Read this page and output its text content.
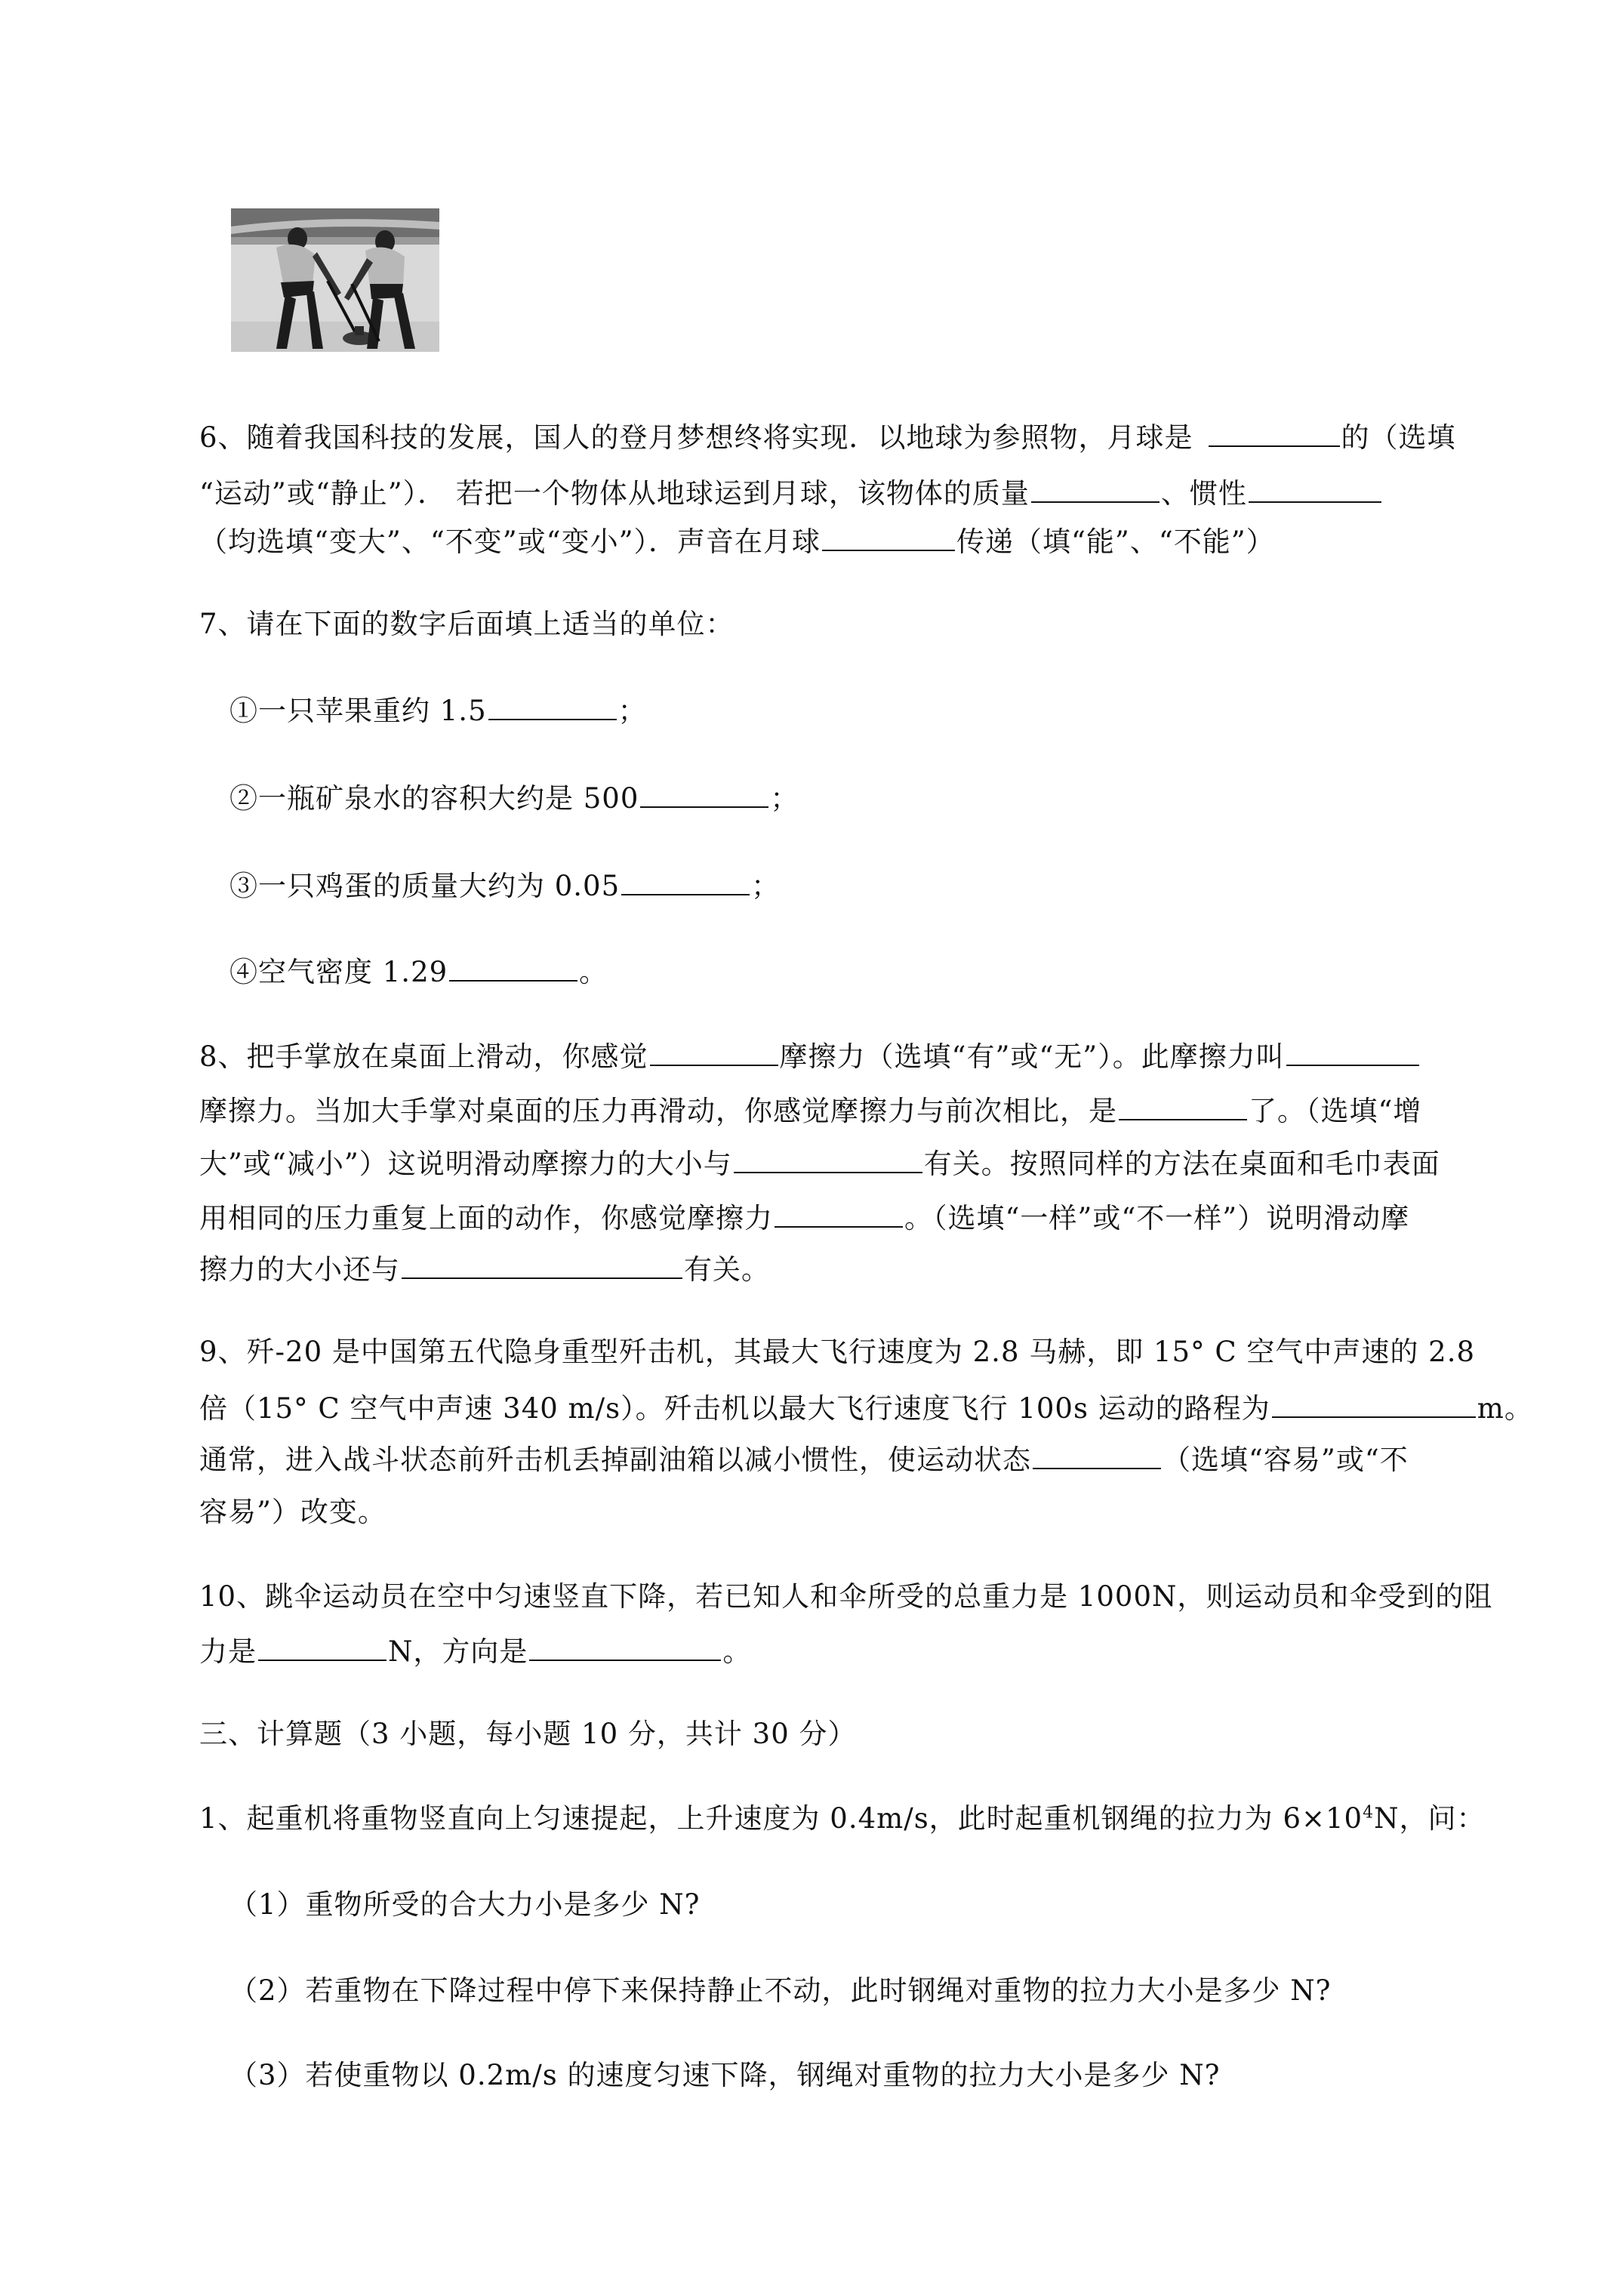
6、随着我国科技的发展，国人的登月梦想终将实现．以地球为参照物，月球是	的（选填
“运动”或“静止”）． 若把一个物体从地球运到月球，该物体的质量	、惯性
（均选填“变大”、“不变”或“变小”）．声音在月球	传递（填“能”、“不能”）
7、请在下面的数字后面填上适当的单位：
①一只苹果重约 1.5	；
②一瓶矿泉水的容积大约是 500	；
③一只鸡蛋的质量大约为 0.05	；
④空气密度 1.29	。
8、把手掌放在桌面上滑动，你感觉	摩擦力（选填“有”或“无”）。此摩擦力叫
摩擦力。当加大手掌对桌面的压力再滑动，你感觉摩擦力与前次相比，是	了。（选填“增
大”或“减小”）这说明滑动摩擦力的大小与	有关。按照同样的方法在桌面和毛巾表面
用相同的压力重复上面的动作，你感觉摩擦力	。（选填“一样”或“不一样”）说明滑动摩
擦力的大小还与	有关。
9、歼-20 是中国第五代隐身重型歼击机，其最大飞行速度为 2.8 马赫，即 15° C 空气中声速的 2.8
倍（15° C 空气中声速 340 m/s）。歼击机以最大飞行速度飞行 100s 运动的路程为	m。
通常，进入战斗状态前歼击机丢掉副油箱以减小惯性，使运动状态	（选填“容易”或“不
容易”）改变。
10、跳伞运动员在空中匀速竖直下降，若已知人和伞所受的总重力是 1000N，则运动员和伞受到的阻
力是	N，方向是	。
三、计算题（3 小题，每小题 10 分，共计 30 分）
1、起重机将重物竖直向上匀速提起，上升速度为 0.4m/s，此时起重机钢绳的拉力为 $6\times 10^4N$，问：
（1）重物所受的合大力小是多少 N?
（2）若重物在下降过程中停下来保持静止不动，此时钢绳对重物的拉力大小是多少 N?
（3）若使重物以 0.2m/s 的速度匀速下降，钢绳对重物的拉力大小是多少 N?
